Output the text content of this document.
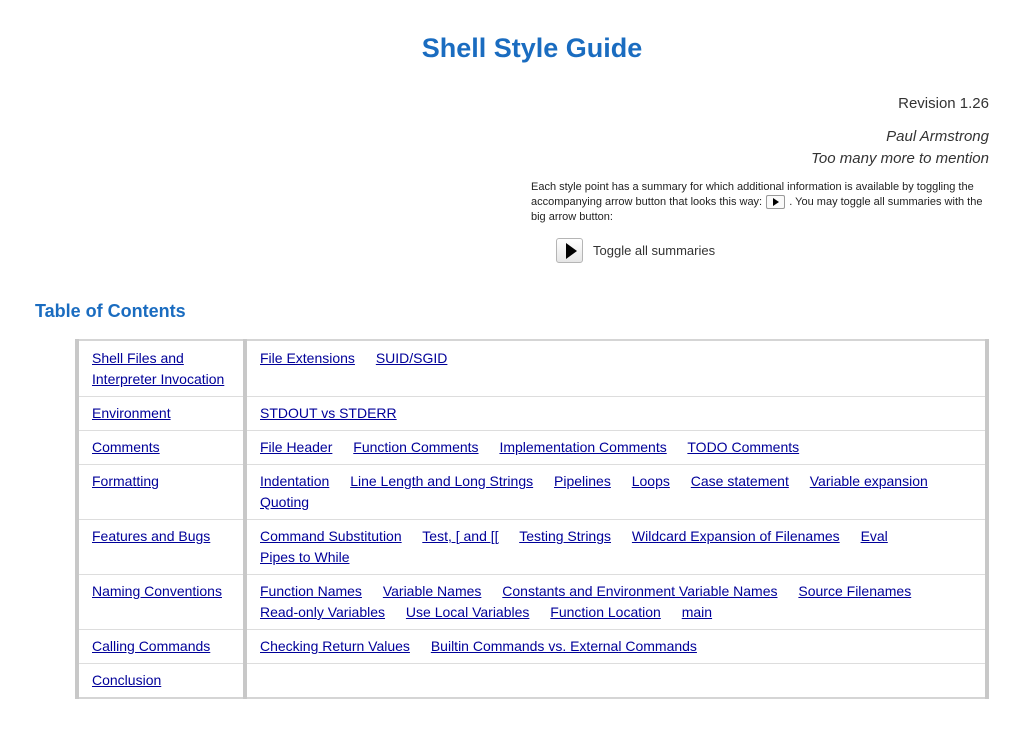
Shell Style Guide
Revision 1.26
Paul Armstrong
Too many more to mention
Each style point has a summary for which additional information is available by toggling the accompanying arrow button that looks this way: . You may toggle all summaries with the big arrow button:
Toggle all summaries
Table of Contents
Shell Files and Interpreter Invocation	File Extensions SUID/SGID
Environment	STDOUT vs STDERR
Comments	File Header Function Comments Implementation Comments TODO Comments
Formatting	Indentation Line Length and Long Strings Pipelines Loops Case statement Variable expansion Quoting
Features and Bugs	Command Substitution Test, [ and [[ Testing Strings Wildcard Expansion of Filenames Eval Pipes to While
Naming Conventions	Function Names Variable Names Constants and Environment Variable Names Source Filenames Read-only Variables Use Local Variables Function Location main
Calling Commands	Checking Return Values Builtin Commands vs. External Commands
Conclusion	
